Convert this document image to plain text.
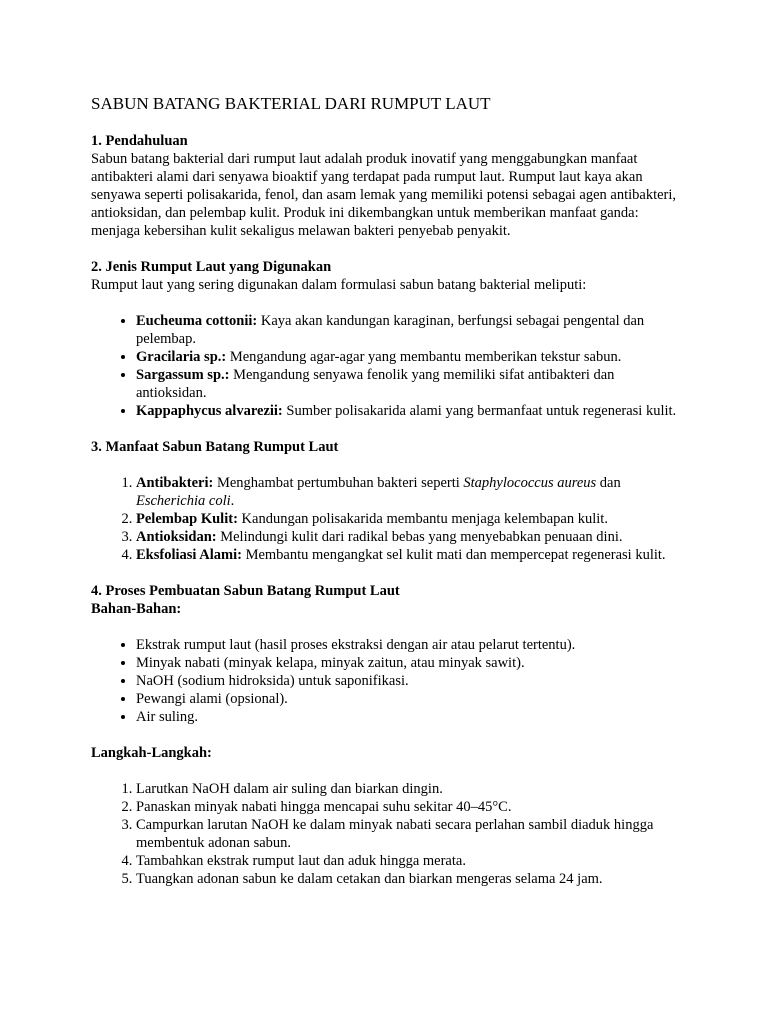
SABUN BATANG BAKTERIAL DARI RUMPUT LAUT
1. Pendahuluan

Sabun batang bakterial dari rumput laut adalah produk inovatif yang menggabungkan manfaat antibakteri alami dari senyawa bioaktif yang terdapat pada rumput laut. Rumput laut kaya akan senyawa seperti polisakarida, fenol, dan asam lemak yang memiliki potensi sebagai agen antibakteri, antioksidan, dan pelembap kulit. Produk ini dikembangkan untuk memberikan manfaat ganda: menjaga kebersihan kulit sekaligus melawan bakteri penyebab penyakit.

2. Jenis Rumput Laut yang Digunakan

Rumput laut yang sering digunakan dalam formulasi sabun batang bakterial meliputi:

• Eucheuma cottonii: Kaya akan kandungan karaginan, berfungsi sebagai pengental dan pelembap.
• Gracilaria sp.: Mengandung agar-agar yang membantu memberikan tekstur sabun.
• Sargassum sp.: Mengandung senyawa fenolik yang memiliki sifat antibakteri dan antioksidan.
• Kappaphycus alvarezii: Sumber polisakarida alami yang bermanfaat untuk regenerasi kulit.
3. Manfaat Sabun Batang Rumput Laut
1. Antibakteri: Menghambat pertumbuhan bakteri seperti Staphylococcus aureus dan Escherichia coli.
2. Pelembap Kulit: Kandungan polisakarida membantu menjaga kelembapan kulit.
3. Antioksidan: Melindungi kulit dari radikal bebas yang menyebabkan penuaan dini.
4. Eksfoliasi Alami: Membantu mengangkat sel kulit mati dan mempercepat regenerasi kulit.
4. Proses Pembuatan Sabun Batang Rumput Laut
Bahan-Bahan:
• Ekstrak rumput laut (hasil proses ekstraksi dengan air atau pelarut tertentu).
• Minyak nabati (minyak kelapa, minyak zaitun, atau minyak sawit).
• NaOH (sodium hidroksida) untuk saponifikasi.
• Pewangi alami (opsional).
• Air suling.
Langkah-Langkah:
1. Larutkan NaOH dalam air suling dan biarkan dingin.
2. Panaskan minyak nabati hingga mencapai suhu sekitar 40–45°C.
3. Campurkan larutan NaOH ke dalam minyak nabati secara perlahan sambil diaduk hingga membentuk adonan sabun.
4. Tambahkan ekstrak rumput laut dan aduk hingga merata.
5. Tuangkan adonan sabun ke dalam cetakan dan biarkan mengeras selama 24 jam.
